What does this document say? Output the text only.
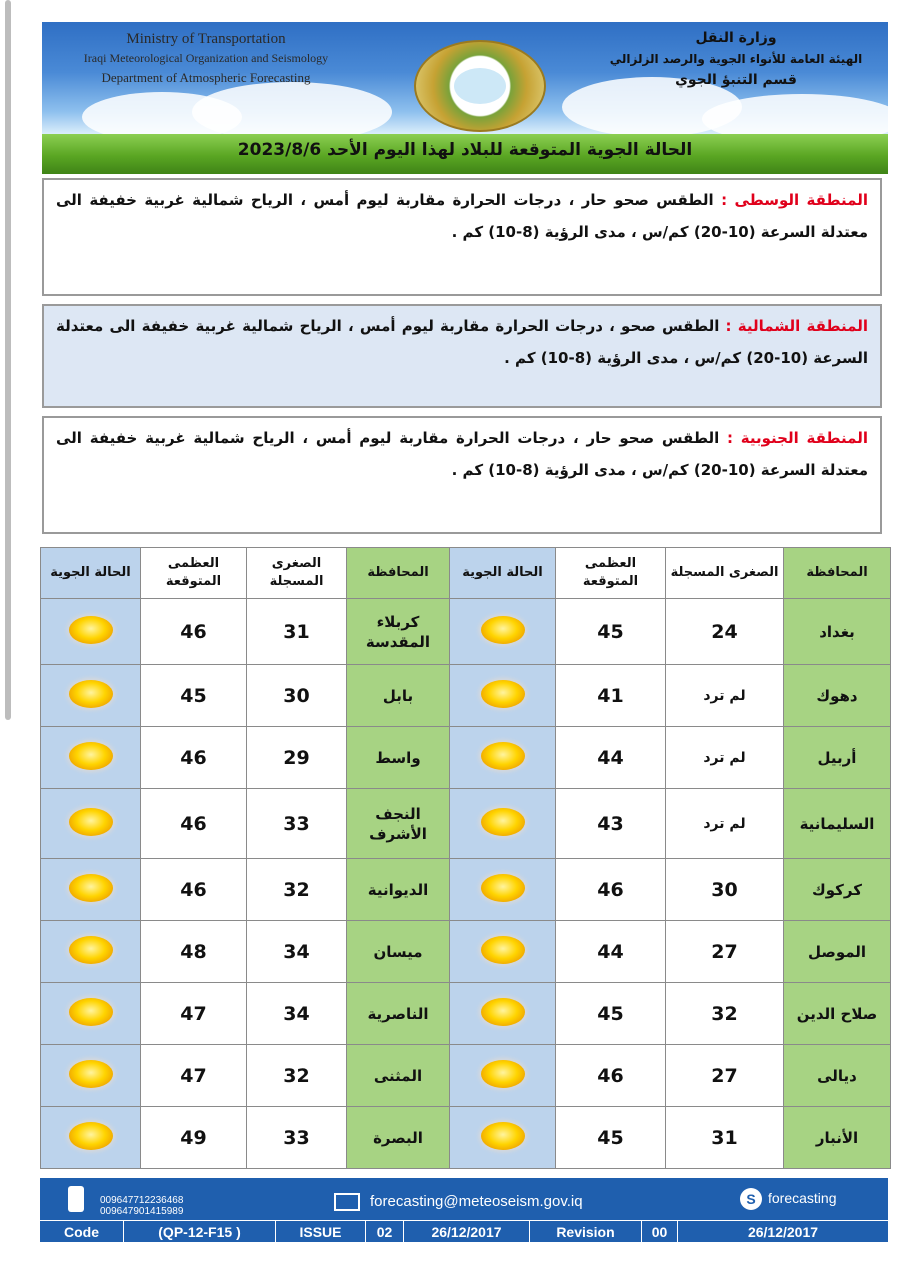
Ministry of Transportation
Iraqi Meteorological Organization and Seismology
Department of Atmospheric Forecasting
وزارة النقل
الهيئة العامة للأنواء الجوية والرصد الزلزالي
قسم التنبؤ الجوي
الحالة الجوية المتوقعة للبلاد لهذا اليوم الأحد 2023/8/6
المنطقة الوسطى : الطقس صحو حار ، درجات الحرارة مقاربة ليوم أمس ، الرياح شمالية غربية خفيفة الى معتدلة السرعة (10-20) كم/س ، مدى الرؤية (8-10) كم .
المنطقة الشمالية : الطقس صحو ، درجات الحرارة مقاربة ليوم أمس ، الرياح شمالية غربية خفيفة الى معتدلة السرعة (10-20) كم/س ، مدى الرؤية (8-10) كم .
المنطقة الجنوبية : الطقس صحو حار ، درجات الحرارة مقاربة ليوم أمس ، الرياح شمالية غربية خفيفة الى معتدلة السرعة (10-20) كم/س ، مدى الرؤية (8-10) كم .
المحافظة	الصغرى المسجلة	العظمى المتوقعة	الحالة الجوية	المحافظة	الصغرى المسجلة	العظمى المتوقعة	الحالة الجوية
بغداد	24	45		كربلاء المقدسة	31	46	
دهوك	لم ترد	41		بابل	30	45	
أربيل	لم ترد	44		واسط	29	46	
السليمانية	لم ترد	43		النجف الأشرف	33	46	
كركوك	30	46		الديوانية	32	46	
الموصل	27	44		ميسان	34	48	
صلاح الدين	32	45		الناصرية	34	47	
ديالى	27	46		المثنى	32	47	
الأنبار	31	45		البصرة	33	49	
009647712236468
009647901415989
forecasting@meteoseism.gov.iq	S forecasting
Code	(QP-12-F15 )	ISSUE	02	26/12/2017	Revision	00	26/12/2017
